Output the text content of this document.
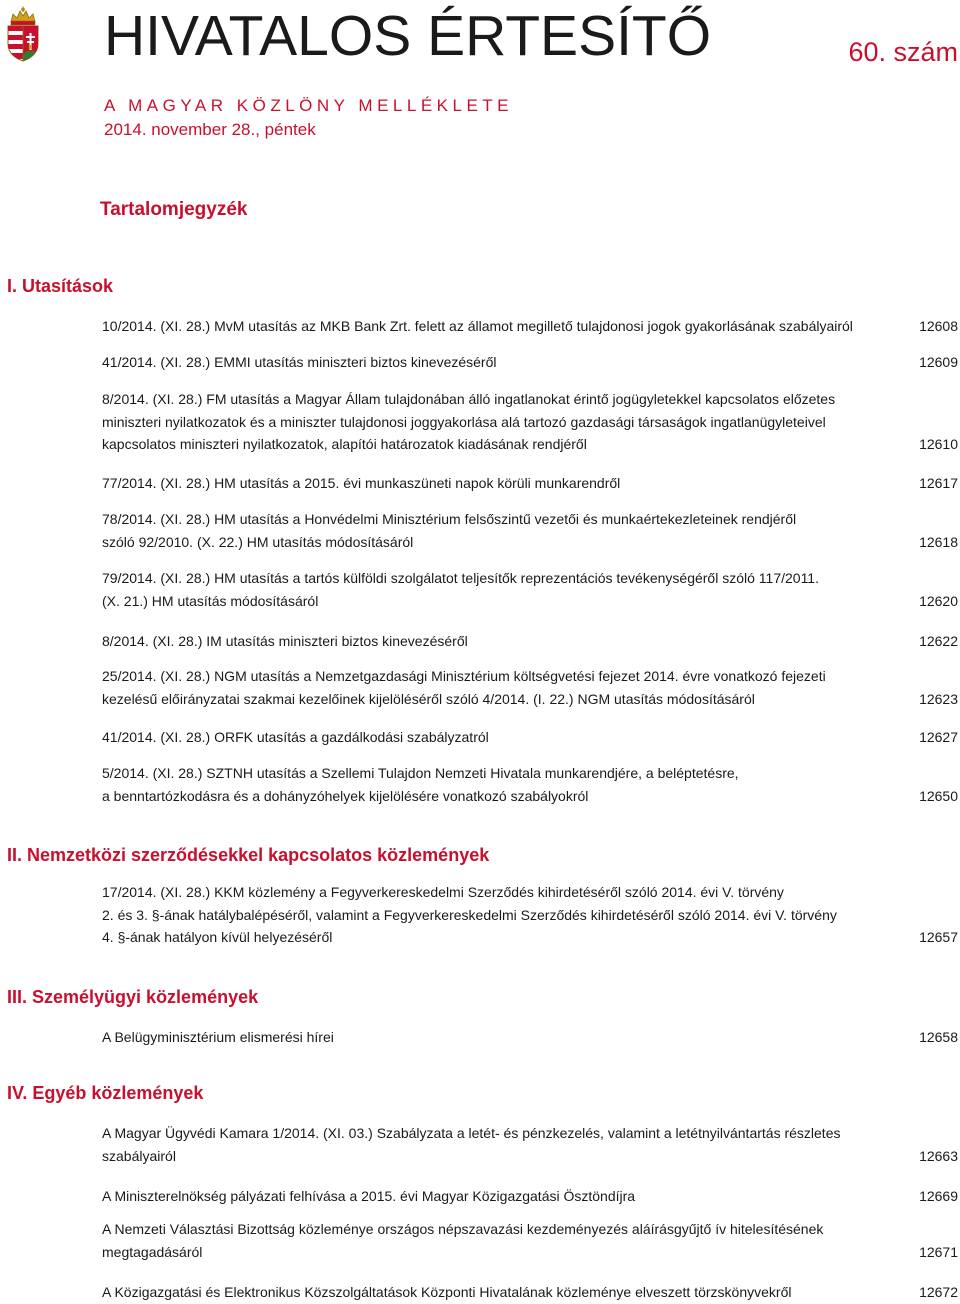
HIVATALOS ÉRTESÍTŐ	60. szám
A MAGYAR KÖZLÖNY MELLÉKLETE
2014. november 28., péntek
Tartalomjegyzék
I. Utasítások
10/2014. (XI. 28.) MvM utasítás az MKB Bank Zrt. felett az államot megillető tulajdonosi jogok gyakorlásának szabályairól	12608
41/2014. (XI. 28.) EMMI utasítás miniszteri biztos kinevezéséről	12609
8/2014. (XI. 28.) FM utasítás a Magyar Állam tulajdonában álló ingatlanokat érintő jogügyletekkel kapcsolatos előzetes
miniszteri nyilatkozatok és a miniszter tulajdonosi joggyakorlása alá tartozó gazdasági társaságok ingatlanügyleteivel
kapcsolatos miniszteri nyilatkozatok, alapítói határozatok kiadásának rendjéről	12610
77/2014. (XI. 28.) HM utasítás a 2015. évi munkaszüneti napok körüli munkarendről	12617
78/2014. (XI. 28.) HM utasítás a Honvédelmi Minisztérium felsőszintű vezetői és munkaértekezleteinek rendjéről
szóló 92/2010. (X. 22.) HM utasítás módosításáról	12618
79/2014. (XI. 28.) HM utasítás a tartós külföldi szolgálatot teljesítők reprezentációs tevékenységéről szóló 117/2011.
(X. 21.) HM utasítás módosításáról	12620
8/2014. (XI. 28.) IM utasítás miniszteri biztos kinevezéséről	12622
25/2014. (XI. 28.) NGM utasítás a Nemzetgazdasági Minisztérium költségvetési fejezet 2014. évre vonatkozó fejezeti
kezelésű előirányzatai szakmai kezelőinek kijelöléséről szóló 4/2014. (I. 22.) NGM utasítás módosításáról	12623
41/2014. (XI. 28.) ORFK utasítás a gazdálkodási szabályzatról	12627
5/2014. (XI. 28.) SZTNH utasítás a Szellemi Tulajdon Nemzeti Hivatala munkarendjére, a beléptetésre,
a benntartózkodásra és a dohányzóhelyek kijelölésére vonatkozó szabályokról	12650
II. Nemzetközi szerződésekkel kapcsolatos közlemények
17/2014. (XI. 28.) KKM közlemény a Fegyverkereskedelmi Szerződés kihirdetéséről szóló 2014. évi V. törvény
2. és 3. §-ának hatálybalépéséről, valamint a Fegyverkereskedelmi Szerződés kihirdetéséről szóló 2014. évi V. törvény
4. §-ának hatályon kívül helyezéséről	12657
III. Személyügyi közlemények
A Belügyminisztérium elismerési hírei	12658
IV. Egyéb közlemények
A Magyar Ügyvédi Kamara 1/2014. (XI. 03.) Szabályzata a letét- és pénzkezelés, valamint a letétnyilvántartás részletes
szabályairól	12663
A Miniszterelnökség pályázati felhívása a 2015. évi Magyar Közigazgatási Ösztöndíjra	12669
A Nemzeti Választási Bizottság közleménye országos népszavazási kezdeményezés aláírásgyűjtő ív hitelesítésének
megtagadásáról	12671
A Közigazgatási és Elektronikus Közszolgáltatások Központi Hivatalának közleménye elveszett törzskönyvekről	12672
